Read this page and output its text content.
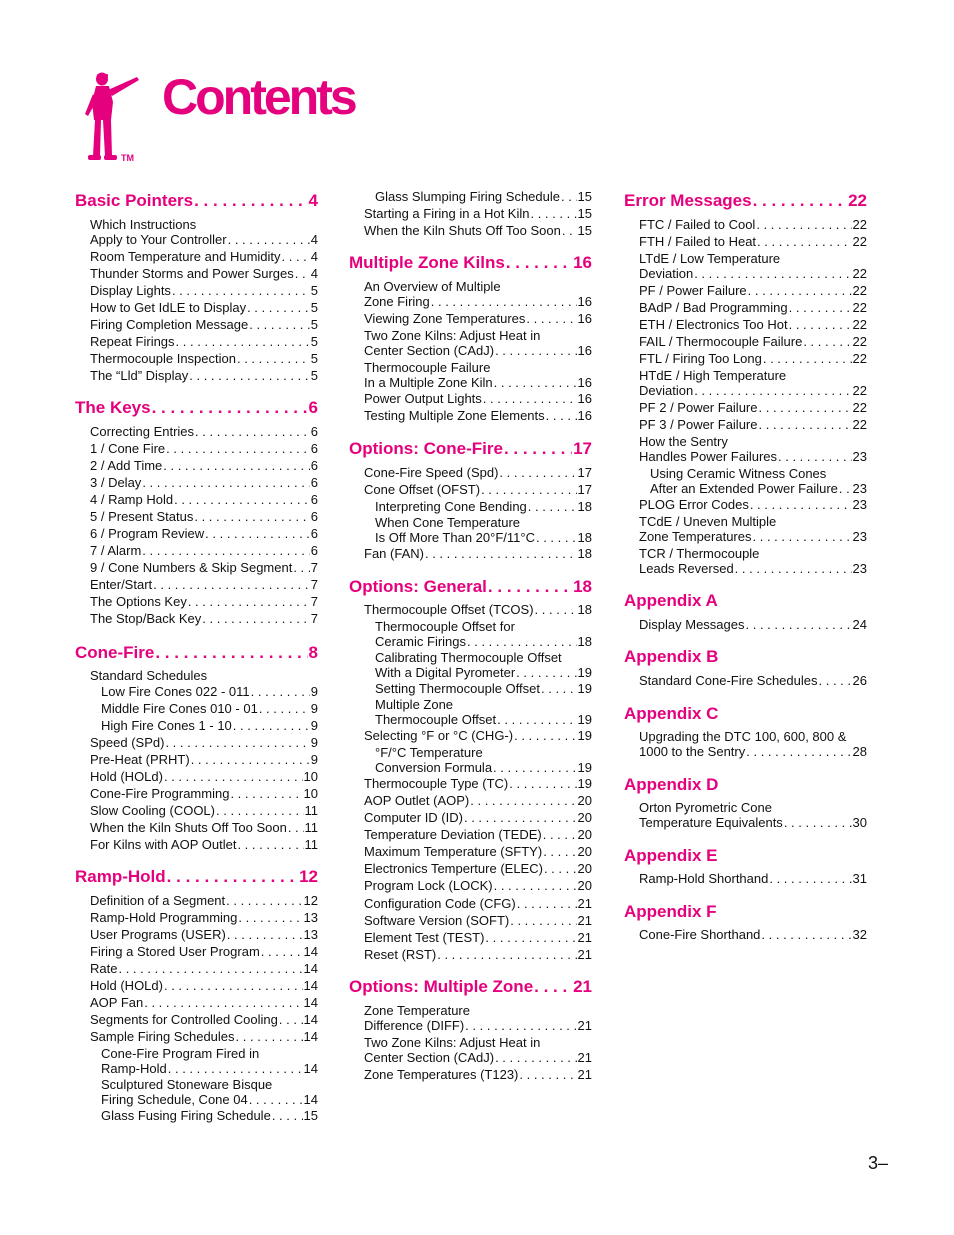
TM
Contents
Basic Pointers . . .	4
Which Instructions
Apply to Your Controller . . .	4
Room Temperature and Humidity . . . 4
Thunder Storms and Power Surges . . . 4
Display Lights . . .	5
How to Get IdLE to Display . . .	5
Firing Completion Message . . .	5
Repeat Firings . . .	5
Thermocouple Inspection . . .	5
The “Lld” Display . . .	5
The Keys . . .	6
Correcting Entries . . .	6
1 / Cone Fire . . .	6
2 / Add Time . . .	6
3 / Delay . . .	6
4 / Ramp Hold . . .	6
5 / Present Status . . .	6
6 / Program Review . . .	6
7 / Alarm . . .	6
9 / Cone Numbers & Skip Segment . . . 7
Enter/Start . . .	7
The Options Key . . .	7
The Stop/Back Key . . .	7
Cone-Fire . . .	8
Standard Schedules
Low Fire Cones 022 - 011 . . .	9
Middle Fire Cones 010 - 01 . . .	9
High Fire Cones 1 - 10 . . .	9
Speed (SPd) . . .	9
Pre-Heat (PRHT) . . .	9
Hold (HOLd) . . .	10
Cone-Fire Programming . . .	10
Slow Cooling (COOL) . . .	11
When the Kiln Shuts Off Too Soon . . . 11
For Kilns with AOP Outlet . . .	11
Ramp-Hold . . .	12
Definition of a Segment . . .	12
Ramp-Hold Programming . . .	13
User Programs (USER) . . .	13
Firing a Stored User Program . . .	14
Rate . . .	14
Hold (HOLd) . . .	14
AOP Fan . . .	14
Segments for Controlled Cooling . . . 14
Sample Firing Schedules . . .	14
Cone-Fire Program Fired in
Ramp-Hold . . .	14
Sculptured Stoneware Bisque
Firing Schedule, Cone 04 . . .	14
Glass Fusing Firing Schedule . . .	15
Glass Slumping Firing Schedule . . . 15
Starting a Firing in a Hot Kiln . . .	15
When the Kiln Shuts Off Too Soon . . . 15
Multiple Zone Kilns . . .	16
An Overview of Multiple
Zone Firing . . .	16
Viewing Zone Temperatures . . .	16
Two Zone Kilns: Adjust Heat in
Center Section (CAdJ) . . .	16
Thermocouple Failure
In a Multiple Zone Kiln . . .	16
Power Output Lights . . .	16
Testing Multiple Zone Elements . . .	16
Options: Cone-Fire . . .	17
Cone-Fire Speed (Spd) . . .	17
Cone Offset (OFST) . . .	17
Interpreting Cone Bending . . .	18
When Cone Temperature
Is Off More Than 20°F/11°C . . .	18
Fan (FAN) . . .	18
Options: General . . .	18
Thermocouple Offset (TCOS) . . .	18
Thermocouple Offset for
Ceramic Firings . . .	18
Calibrating Thermocouple Offset
With a Digital Pyrometer . . .	19
Setting Thermocouple Offset . . .	19
Multiple Zone
Thermocouple Offset . . .	19
Selecting °F or °C (CHG-) . . .	19
°F/°C Temperature
Conversion Formula . . .	19
Thermocouple Type (TC) . . .	19
AOP Outlet (AOP) . . .	20
Computer ID (ID) . . .	20
Temperature Deviation (TEDE) . . .	20
Maximum Temperature (SFTY) . . .	20
Electronics Temperture (ELEC) . . .	20
Program Lock (LOCK) . . .	20
Configuration Code (CFG) . . .	21
Software Version (SOFT) . . .	21
Element Test (TEST) . . .	21
Reset (RST) . . .	21
Options: Multiple Zone . . . 21
Zone Temperature
Difference (DIFF) . . .	21
Two Zone Kilns: Adjust Heat in
Center Section (CAdJ) . . .	21
Zone Temperatures (T123) . . .	21
Error Messages . . .	22
FTC / Failed to Cool . . .	22
FTH / Failed to Heat . . .	22
LTdE / Low Temperature
Deviation . . .	22
PF / Power Failure . . .	22
BAdP / Bad Programming . . .	22
ETH / Electronics Too Hot . . .	22
FAIL / Thermocouple Failure . . .	22
FTL / Firing Too Long . . .	22
HTdE / High Temperature
Deviation . . .	22
PF 2 / Power Failure . . .	22
PF 3 / Power Failure . . .	22
How the Sentry
Handles Power Failures . . .	23
Using Ceramic Witness Cones
After an Extended Power Failure . . . 23
PLOG Error Codes . . .	23
TCdE / Uneven Multiple
Zone Temperatures . . .	23
TCR / Thermocouple
Leads Reversed . . .	23
Appendix A
Display Messages . . .	24
Appendix B
Standard Cone-Fire Schedules . . .	26
Appendix C
Upgrading the DTC 100, 600, 800 &
1000 to the Sentry . . .	28
Appendix D
Orton Pyrometric Cone
Temperature Equivalents . . .	30
Appendix E
Ramp-Hold Shorthand . . .	31
Appendix F
Cone-Fire Shorthand . . .	32
3–
